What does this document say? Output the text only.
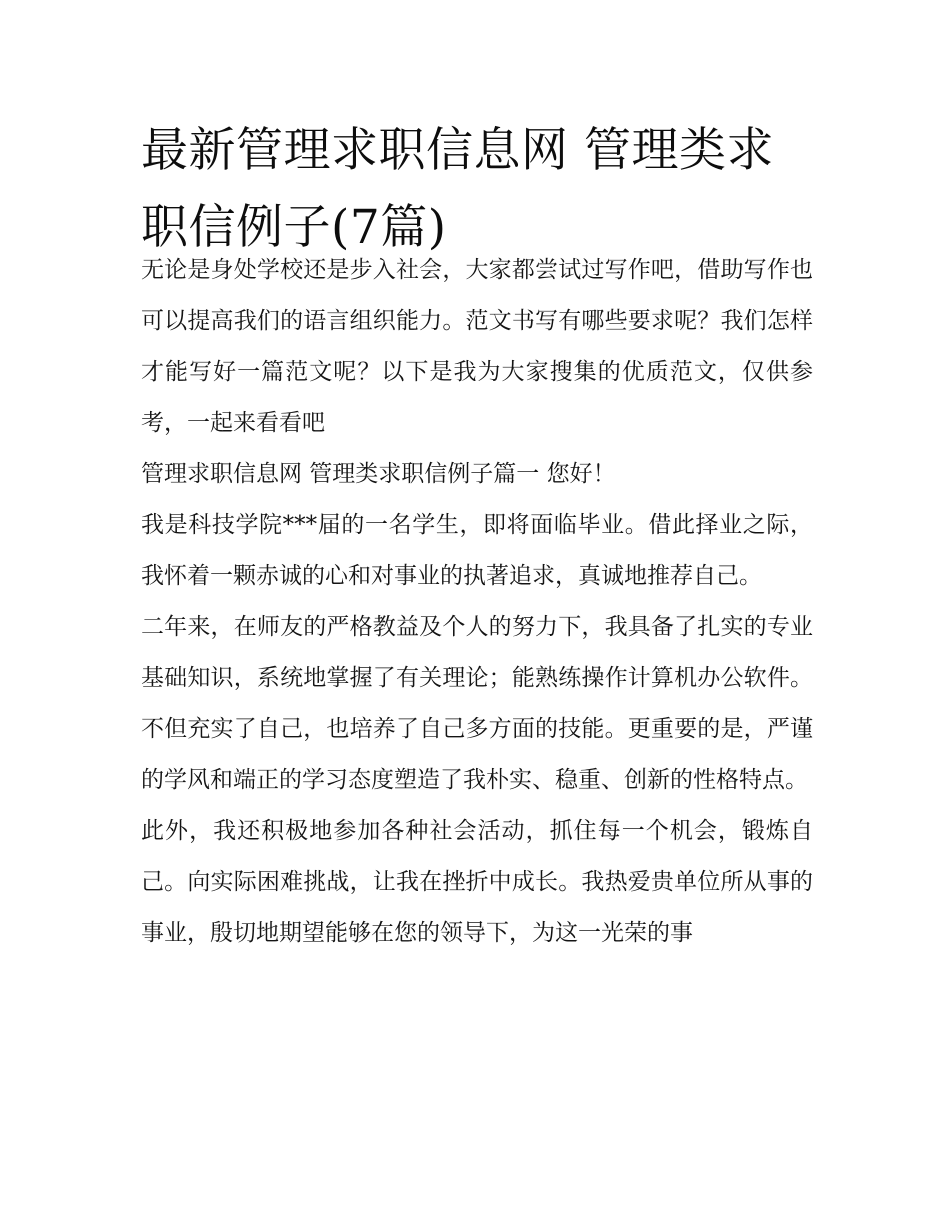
最新管理求职信息网 管理类求职信例子(7篇)

无论是身处学校还是步入社会，大家都尝试过写作吧，借助写作也可以提高我们的语言组织能力。范文书写有哪些要求呢？我们怎样才能写好一篇范文呢？以下是我为大家搜集的优质范文，仅供参考，一起来看看吧

管理求职信息网 管理类求职信例子篇一 您好！

我是科技学院***届的一名学生，即将面临毕业。借此择业之际，我怀着一颗赤诚的心和对事业的执著追求，真诚地推荐自己。

二年来，在师友的严格教益及个人的努力下，我具备了扎实的专业基础知识，系统地掌握了有关理论；能熟练操作计算机办公软件。不但充实了自己，也培养了自己多方面的技能。更重要的是，严谨的学风和端正的学习态度塑造了我朴实、稳重、创新的性格特点。

此外，我还积极地参加各种社会活动，抓住每一个机会，锻炼自己。向实际困难挑战，让我在挫折中成长。我热爱贵单位所从事的事业，殷切地期望能够在您的领导下，为这一光荣的事
